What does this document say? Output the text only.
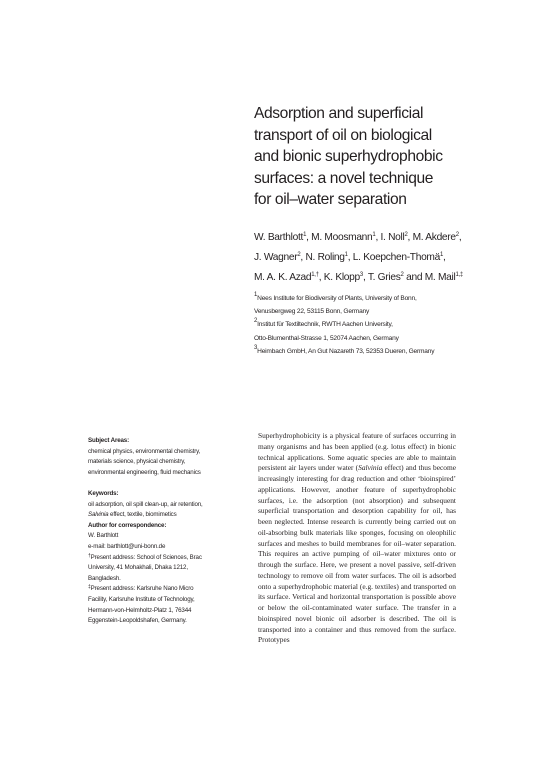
Adsorption and superficial
transport of oil on biological
and bionic superhydrophobic
surfaces: a novel technique
for oil–water separation
W. Barthlott$^1$, M. Moosmann$^1$, I. Noll$^2$, M. Akdere$^2$,
J. Wagner$^2$, N. Roling$^1$, L. Koepchen-Thomä$^1$,
M. A. K. Azad$^{1,\dagger}$, K. Klopp$^3$, T. Gries$^2$ and M. Mail$^{1,\ddagger}$
$^1$Nees Institute for Biodiversity of Plants, University of Bonn,
Venusbergweg 22, 53115 Bonn, Germany
$^2$Institut für Textiltechnik, RWTH Aachen University,
Otto-Blumenthal-Strasse 1, 52074 Aachen, Germany
$^3$Heimbach GmbH, An Gut Nazareth 73, 52353 Dueren, Germany
Subject Areas:
chemical physics, environmental chemistry,
materials science, physical chemistry,
environmental engineering, fluid mechanics
Keywords:
oil adsorption, oil spill clean-up, air retention,
Salvinia effect, textile, biomimetics
Author for correspondence:
W. Barthlott
e-mail: barthlott@uni-bonn.de
†Present address: School of Sciences, Brac
University, 41 Mohakhali, Dhaka 1212,
Bangladesh.
‡Present address: Karlsruhe Nano Micro
Facility, Karlsruhe Institute of Technology,
Hermann-von-Helmholtz-Platz 1, 76344
Eggenstein-Leopoldshafen, Germany.

Superhydrophobicity is a physical feature of surfaces occurring in many organisms and has been applied (e.g. lotus effect) in bionic technical applications. Some aquatic species are able to maintain persistent air layers under water (Salvinia effect) and thus become increasingly interesting for drag reduction and other ‘bioinspired’ applications. However, another feature of superhydrophobic surfaces, i.e. the adsorption (not absorption) and subsequent superficial transportation and desorption capability for oil, has been neglected. Intense research is currently being carried out on oil-absorbing bulk materials like sponges, focusing on oleophilic surfaces and meshes to build membranes for oil–water separation. This requires an active pumping of oil–water mixtures onto or through the surface. Here, we present a novel passive, self-driven technology to remove oil from water surfaces. The oil is adsorbed onto a superhydrophobic material (e.g. textiles) and transported on its surface. Vertical and horizontal transportation is possible above or below the oil-contaminated water surface. The transfer in a bioinspired novel bionic oil adsorber is described. The oil is transported into a container and thus removed from the surface. Prototypes
